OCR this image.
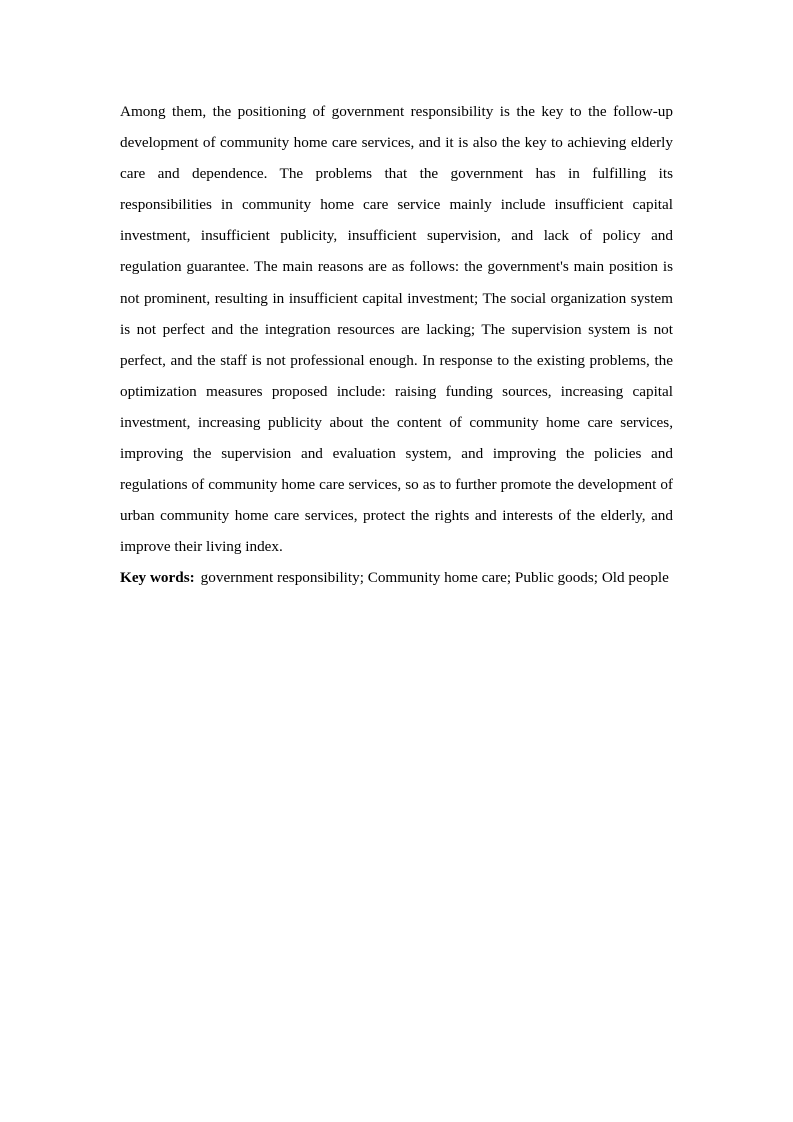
Among them, the positioning of government responsibility is the key to the follow-up development of community home care services, and it is also the key to achieving elderly care and dependence. The problems that the government has in fulfilling its responsibilities in community home care service mainly include insufficient capital investment, insufficient publicity, insufficient supervision, and lack of policy and regulation guarantee. The main reasons are as follows: the government's main position is not prominent, resulting in insufficient capital investment; The social organization system is not perfect and the integration resources are lacking; The supervision system is not perfect, and the staff is not professional enough. In response to the existing problems, the optimization measures proposed include: raising funding sources, increasing capital investment, increasing publicity about the content of community home care services, improving the supervision and evaluation system, and improving the policies and regulations of community home care services, so as to further promote the development of urban community home care services, protect the rights and interests of the elderly, and improve their living index.

Key words: government responsibility; Community home care; Public goods; Old people
